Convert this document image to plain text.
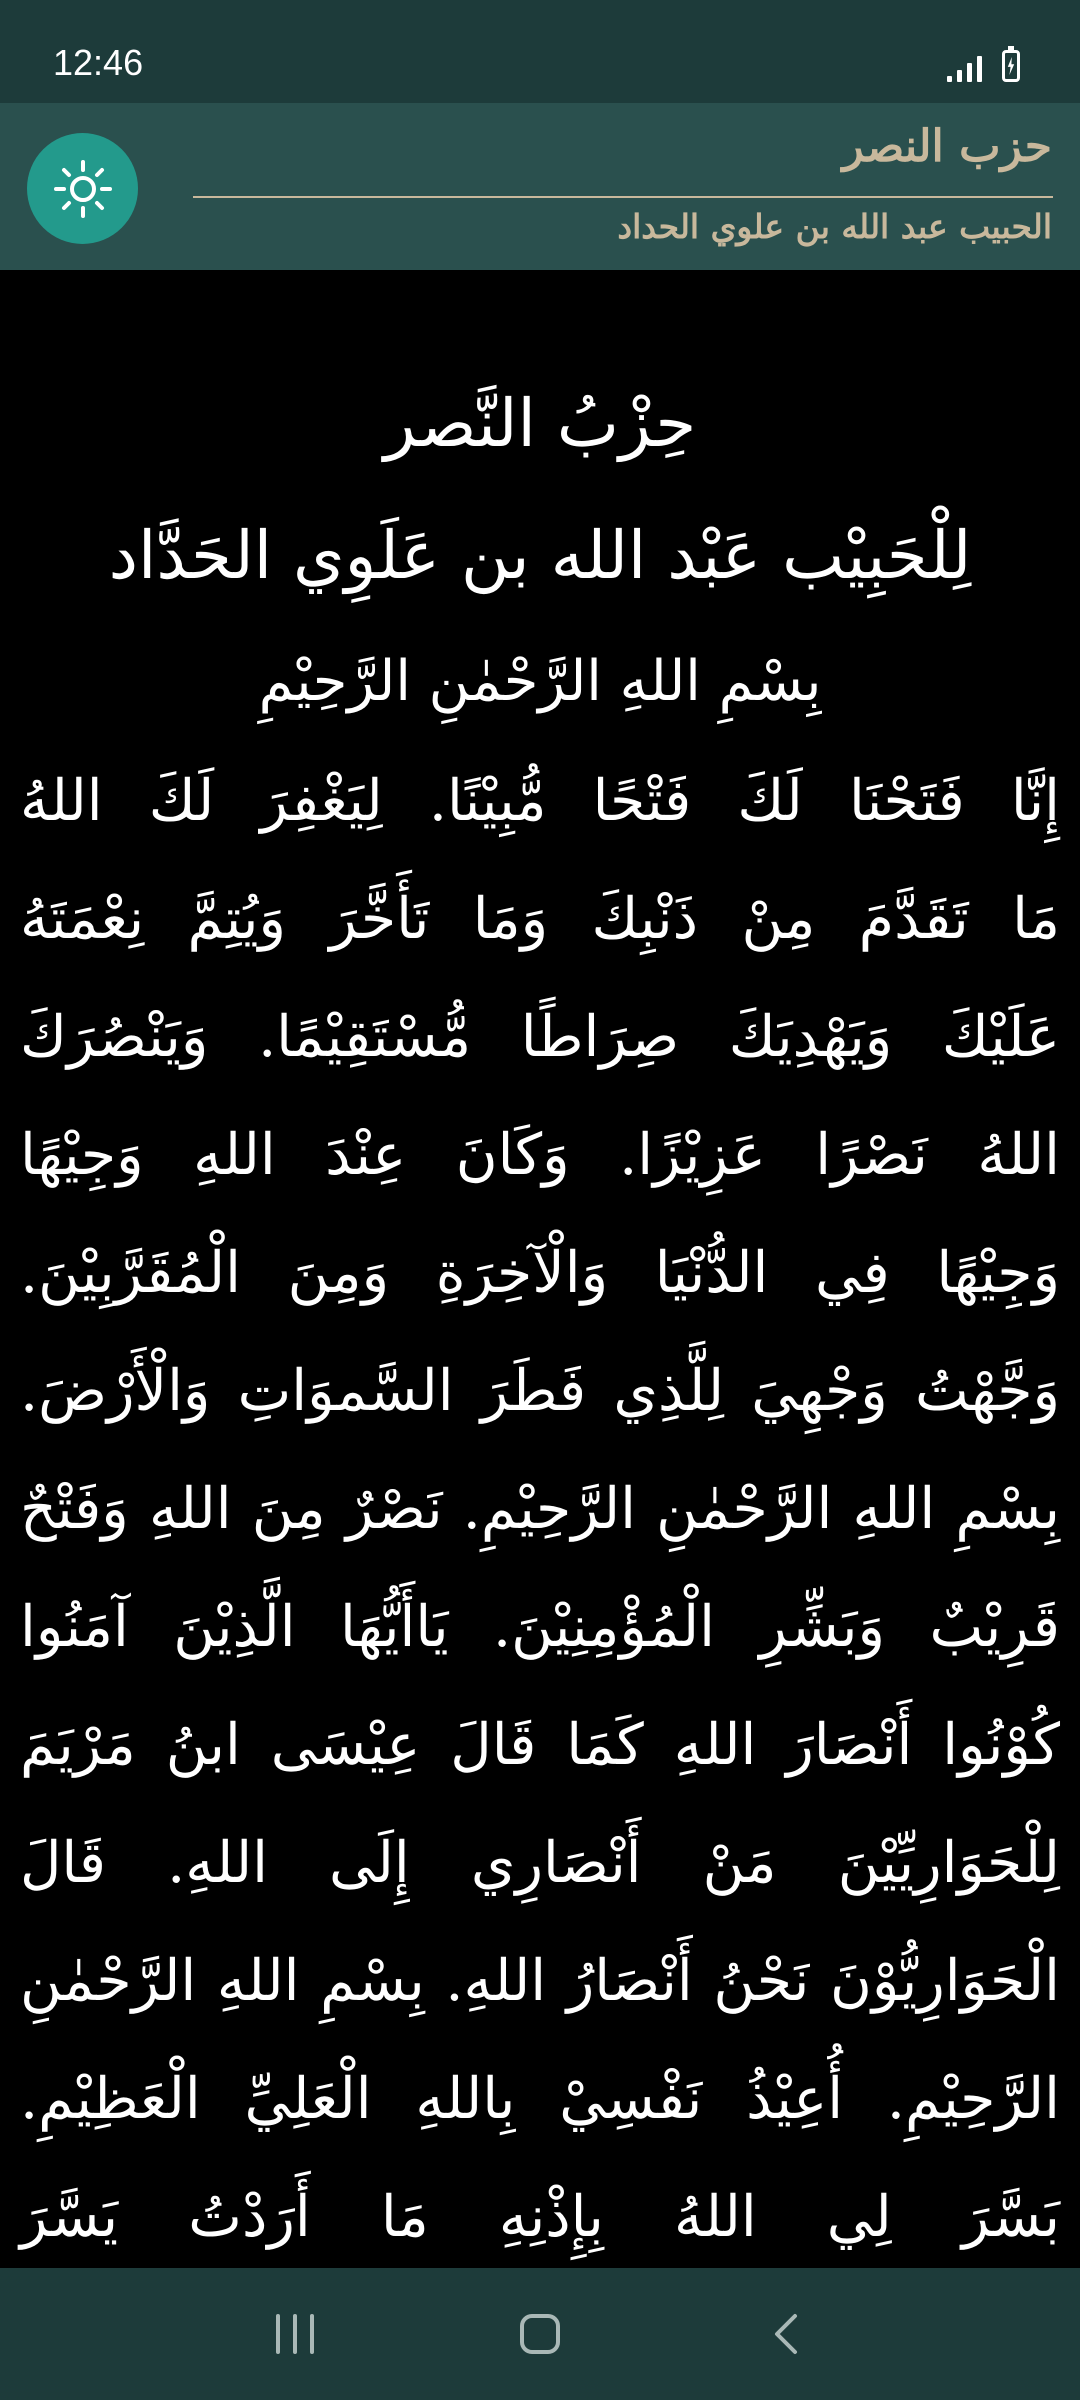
12:46
حزب النصر
الحبيب عبد الله بن علوي الحداد
حِزْبُ النَّصر
لِلْحَبِيْب عَبْد الله بن عَلَوِي الحَدَّاد

بِسْمِ اللهِ الرَّحْمٰنِ الرَّحِيْمِ

إِنَّا فَتَحْنَا لَكَ فَتْحًا مُّبِيْنًا. لِيَغْفِرَ لَكَ اللهُ
مَا تَقَدَّمَ مِنْ ذَنْبِكَ وَمَا تَأَخَّرَ وَيُتِمَّ نِعْمَتَهُ
عَلَيْكَ وَيَهْدِيَكَ صِرَاطًا مُّسْتَقِيْمًا. وَيَنْصُرَكَ
اللهُ نَصْرًا عَزِيْزًا. وَكَانَ عِنْدَ اللهِ وَجِيْهًا
وَجِيْهًا فِي الدُّنْيَا وَالْآخِرَةِ وَمِنَ الْمُقَرَّبِيْنَ.
وَجَّهْتُ وَجْهِيَ لِلَّذِي فَطَرَ السَّموَاتِ وَالْأَرْضَ.
بِسْمِ اللهِ الرَّحْمٰنِ الرَّحِيْمِ. نَصْرٌ مِنَ اللهِ وَفَتْحٌ
قَرِيْبٌ وَبَشِّرِ الْمُؤْمِنِيْنَ. يَاأَيُّهَا الَّذِيْنَ آمَنُوا
كُوْنُوا أَنْصَارَ اللهِ كَمَا قَالَ عِيْسَى ابنُ مَرْيَمَ
لِلْحَوَارِيِّيْنَ مَنْ أَنْصَارِي إِلَى اللهِ. قَالَ
الْحَوَارِيُّوْنَ نَحْنُ أَنْصَارُ اللهِ. بِسْمِ اللهِ الرَّحْمٰنِ
الرَّحِيْمِ. أُعِيْذُ نَفْسِيْ بِاللهِ الْعَلِيِّ الْعَظِيْمِ.
بَسَّرَ لِي اللهُ بِإِذْنِهِ مَا أَرَدْتُ يَسَّرَ
